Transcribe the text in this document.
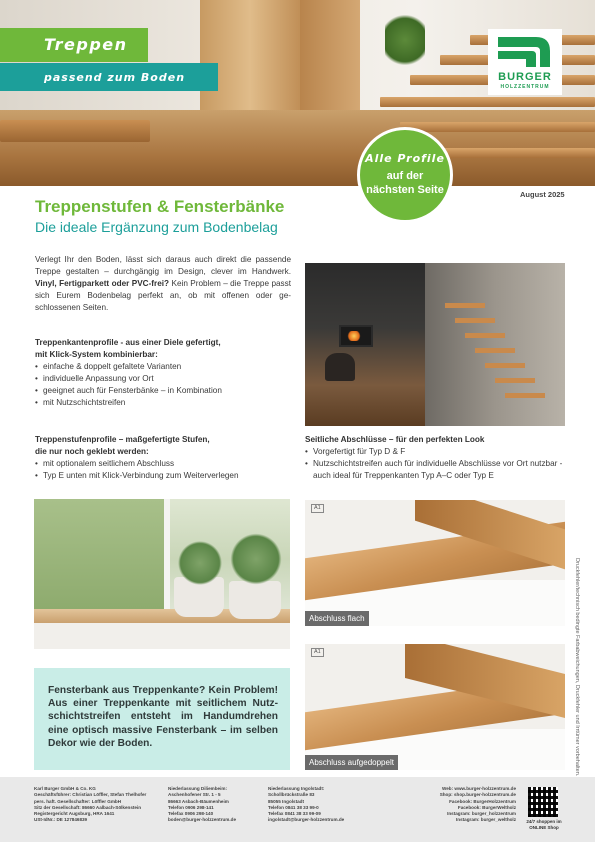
Treppen
passend zum Boden	BURGER
HOLZZENTRUM
Alle Profile
auf der
nächsten Seite	August 2025
Treppenstufen & Fensterbänke
Die ideale Ergänzung zum Bodenbelag
Verlegt Ihr den Boden, lässt sich daraus auch direkt die passende Treppe gestalten – durchgängig im Design, clever im Handwerk. Vinyl, Fertigparkett oder PVC-frei? Kein Problem – die Treppe passt sich Eurem Bodenbelag perfekt an, ob mit offenen oder ge-schlossenen Seiten.
Treppenkantenprofile - aus einer Diele gefertigt,
mit Klick-System kombinierbar:
• einfache & doppelt gefaltete Varianten
• individuelle Anpassung vor Ort
• geeignet auch für Fensterbänke – in Kombination
• mit Nutzschichtstreifen
Treppenstufenprofile – maßgefertigte Stufen,
die nur noch geklebt werden:
• mit optionalem seitlichem Abschluss
• Typ E unten mit Klick-Verbindung zum Weiterverlegen
Seitliche Abschlüsse – für den perfekten Look
• Vorgefertigt für Typ D & F
• Nutzschichtstreifen auch für individuelle Abschlüsse vor Ort nutzbar - auch ideal für Treppenkanten Typ A–C oder Typ E
A1
Abschluss flach
A1
Abschluss aufgedoppelt

Fensterbank aus Treppenkante? Kein Problem! Aus einer Treppenkante mit seitlichem Nutz-schichtstreifen entsteht im Handumdrehen eine optisch massive Fensterbank – im selben Dekor wie der Boden.	Druckfehler/technisch bedingte Farbabweichungen, Druckfehler und Irrtümer vorbehalten.
Karl Burger GmbH & Co. KG
Geschäftsführer: Christian Löffler, Stefan Thelhofer
pers. haft. Gesellschafter: Löffler GmbH
Sitz der Gesellschaft: 86660 Aalbach-Sölkenstein
Registergericht Augsburg, HRA 1641
USt-IdNr.: DE 127846839
Niederlassung Diliembeim:
Aschenhofener Str. 1 - 5
86663 Asbach-Bäumenheim
Telefon 0906 298-141
Telefax 0906 298-140
boden@burger-holzzentrum.de
Niederlassung Ingolstadt:
Schollbrückstraße 83
85055 Ingolstadt
Telefon 0841 38 33 99-0
Telefax 0841 38 33 99-09
ingolstadt@burger-holzzentrum.de
Web: www.burger-holzzentrum.de
Shop: shop.burger-holzzentrum.de
Facebook: BurgerHolzzentrum
Facebook: BurgerWeltholz
Instagram: burger_holzzentrum
Instagram: burger_weltholz 24/7 shoppen im ONLINE Shop
